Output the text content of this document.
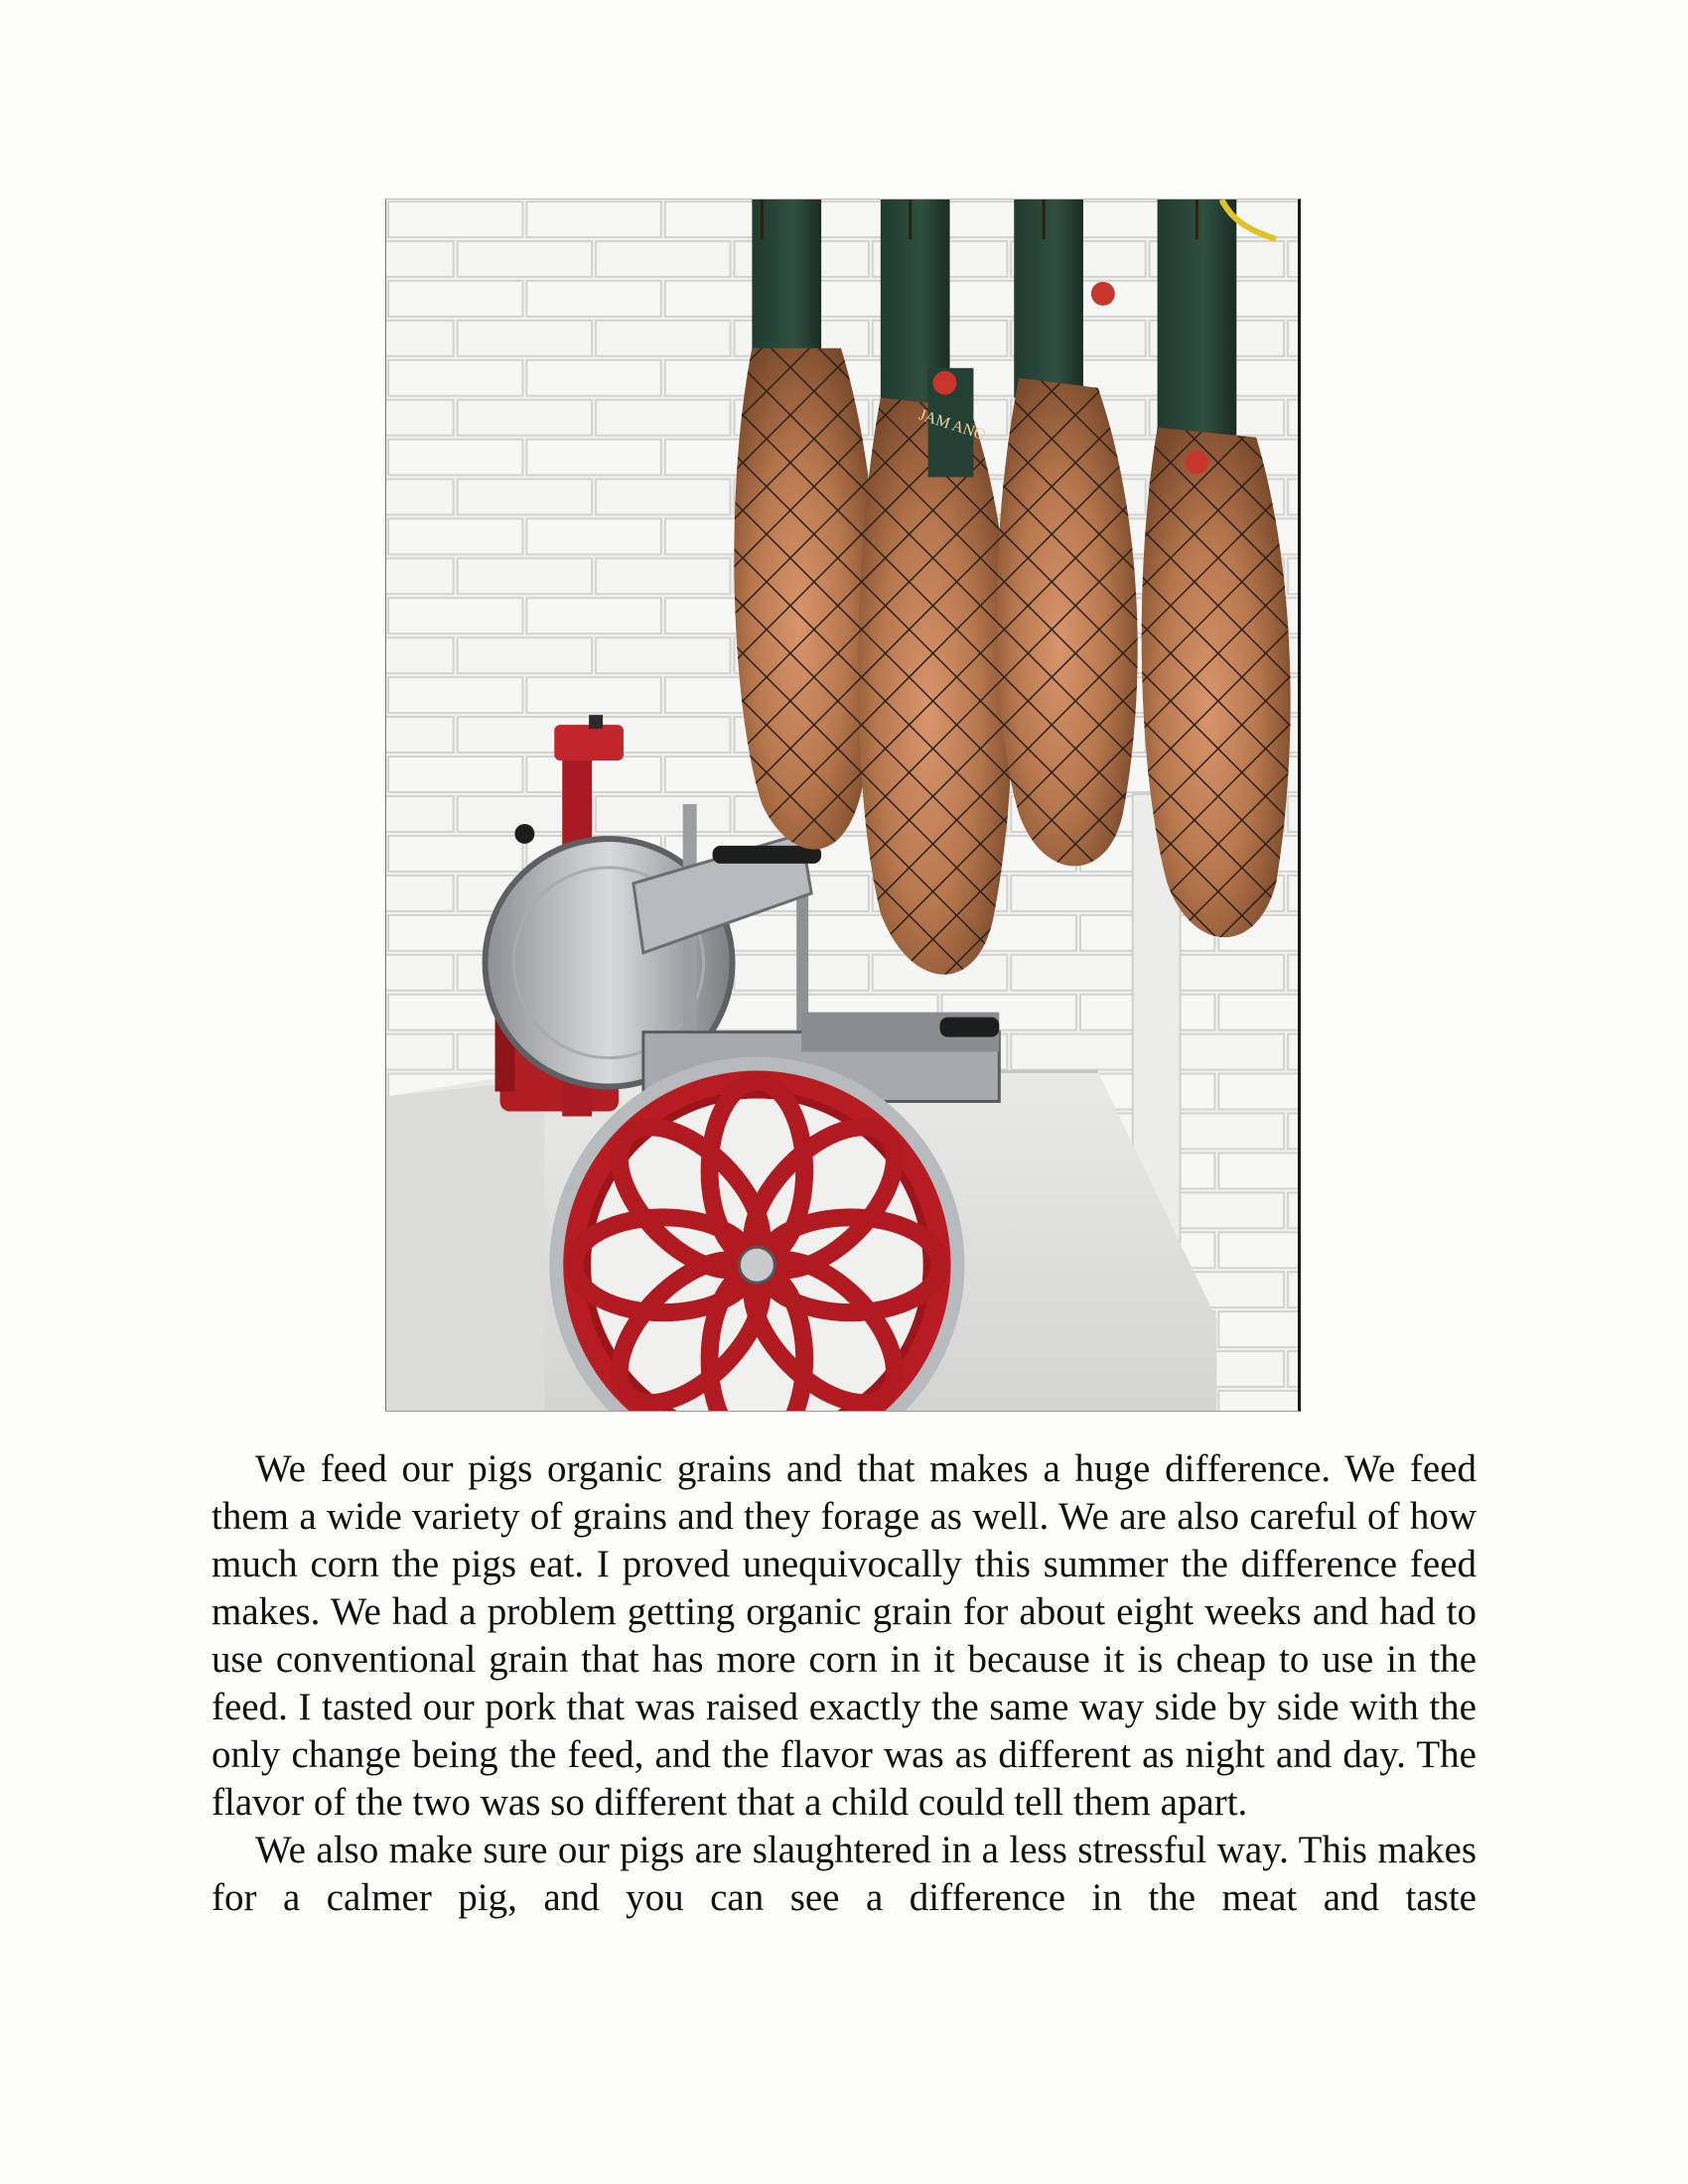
JAM ANO

We feed our pigs organic grains and that makes a huge difference. We feed them a wide variety of grains and they forage as well. We are also careful of how much corn the pigs eat. I proved unequivocally this summer the difference feed makes. We had a problem getting organic grain for about eight weeks and had to use conventional grain that has more corn in it because it is cheap to use in the feed. I tasted our pork that was raised exactly the same way side by side with the only change being the feed, and the flavor was as different as night and day. The flavor of the two was so different that a child could tell them apart.

We also make sure our pigs are slaughtered in a less stressful way. This makes for a calmer pig, and you can see a difference in the meat and taste
